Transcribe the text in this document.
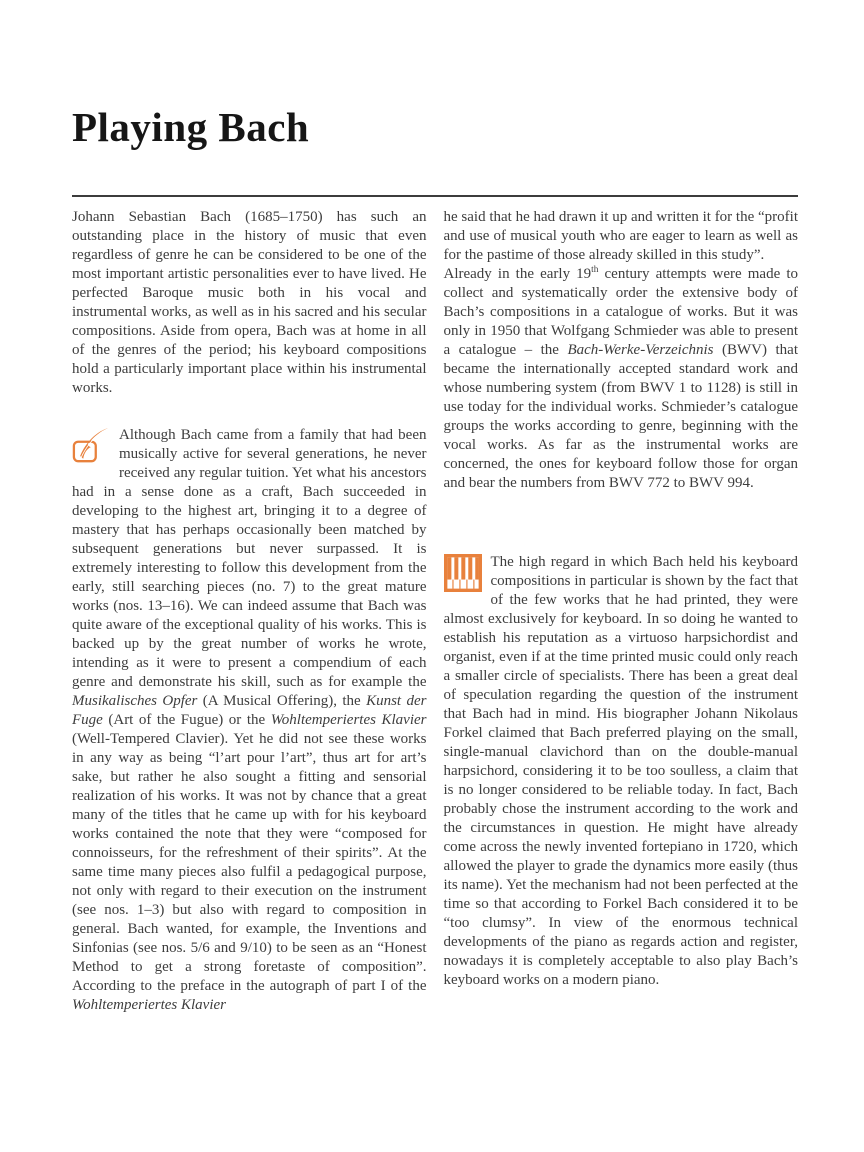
Playing Bach

Johann Sebastian Bach (1685–1750) has such an outstanding place in the history of music that even regardless of genre he can be considered to be one of the most important artistic personalities ever to have lived. He perfected Baroque music both in his vocal and instrumental works, as well as in his sacred and his secular compositions. Aside from opera, Bach was at home in all of the genres of the period; his keyboard compositions hold a particularly important place within his instrumental works.

Although Bach came from a family that had been musically active for several generations, he never received any regular tuition. Yet what his ancestors had in a sense done as a craft, Bach succeeded in developing to the highest art, bringing it to a degree of mastery that has perhaps occasionally been matched by subsequent generations but never surpassed. It is extremely interesting to follow this development from the early, still searching pieces (no. 7) to the great mature works (nos. 13–16). We can indeed assume that Bach was quite aware of the exceptional quality of his works. This is backed up by the great number of works he wrote, intending as it were to present a compendium of each genre and demonstrate his skill, such as for example the Musikalisches Opfer (A Musical Offering), the Kunst der Fuge (Art of the Fugue) or the Wohltemperiertes Klavier (Well-Tempered Clavier). Yet he did not see these works in any way as being “l’art pour l’art”, thus art for art’s sake, but rather he also sought a fitting and sensorial realization of his works. It was not by chance that a great many of the titles that he came up with for his keyboard works contained the note that they were “composed for connoisseurs, for the refreshment of their spirits”. At the same time many pieces also fulfil a pedagogical purpose, not only with regard to their execution on the instrument (see nos. 1–3) but also with regard to composition in general. Bach wanted, for example, the Inventions and Sinfonias (see nos. 5/6 and 9/10) to be seen as an “Honest Method to get a strong foretaste of composition”. According to the preface in the autograph of part I of the Wohltemperiertes Klavier

he said that he had drawn it up and written it for the “profit and use of musical youth who are eager to learn as well as for the pastime of those already skilled in this study”.

Already in the early 19th century attempts were made to collect and systematically order the extensive body of Bach’s compositions in a catalogue of works. But it was only in 1950 that Wolfgang Schmieder was able to present a catalogue – the Bach-Werke-Verzeichnis (BWV) that became the internationally accepted standard work and whose numbering system (from BWV 1 to 1128) is still in use today for the individual works. Schmieder’s catalogue groups the works according to genre, beginning with the vocal works. As far as the instrumental works are concerned, the ones for keyboard follow those for organ and bear the numbers from BWV 772 to BWV 994.

The high regard in which Bach held his keyboard compositions in particular is shown by the fact that of the few works that he had printed, they were almost exclusively for keyboard. In so doing he wanted to establish his reputation as a virtuoso harpsichordist and organist, even if at the time printed music could only reach a smaller circle of specialists. There has been a great deal of speculation regarding the question of the instrument that Bach had in mind. His biographer Johann Nikolaus Forkel claimed that Bach preferred playing on the small, single-manual clavichord than on the double-manual harpsichord, considering it to be too soulless, a claim that is no longer considered to be reliable today. In fact, Bach probably chose the instrument according to the work and the circumstances in question. He might have already come across the newly invented fortepiano in 1720, which allowed the player to grade the dynamics more easily (thus its name). Yet the mechanism had not been perfected at the time so that according to Forkel Bach considered it to be “too clumsy”. In view of the enormous technical developments of the piano as regards action and register, nowadays it is completely acceptable to also play Bach’s keyboard works on a modern piano.
